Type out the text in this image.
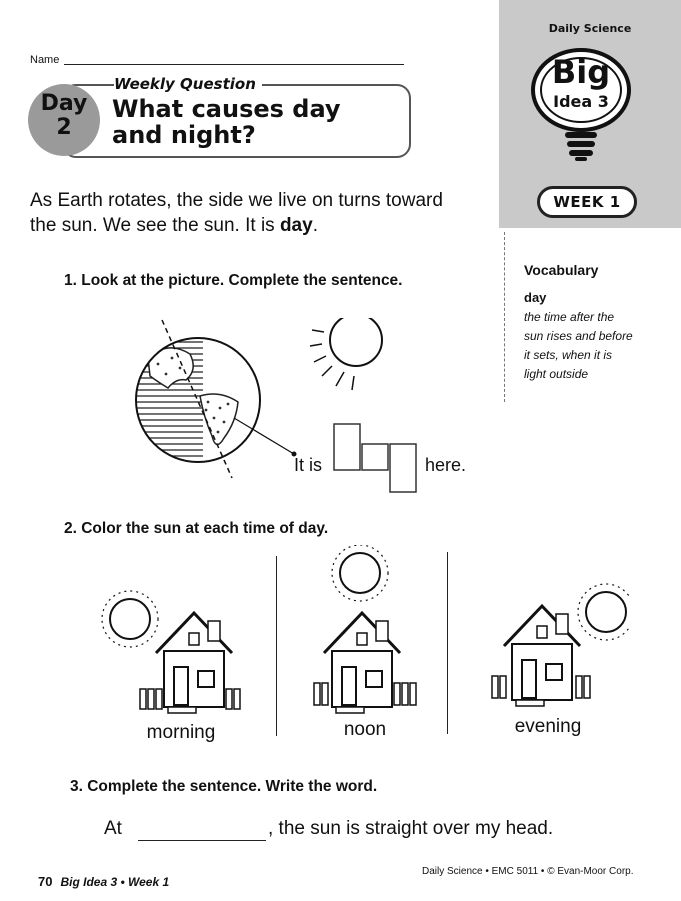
Daily Science
Big
Idea 3
WEEK 1
Vocabulary
day
the time after the sun rises and before it sets, when it is light outside
Name
Weekly Question
Day
2
What causes day and night?
As Earth rotates, the side we live on turns toward the sun. We see the sun. It is day.
1. Look at the picture. Complete the sentence.
It is	here.
2. Color the sun at each time of day.
morning	noon	evening
3. Complete the sentence. Write the word.
At	, the sun is straight over my head.
70 Big Idea 3 • Week 1
Daily Science • EMC 5011 • © Evan-Moor Corp.
